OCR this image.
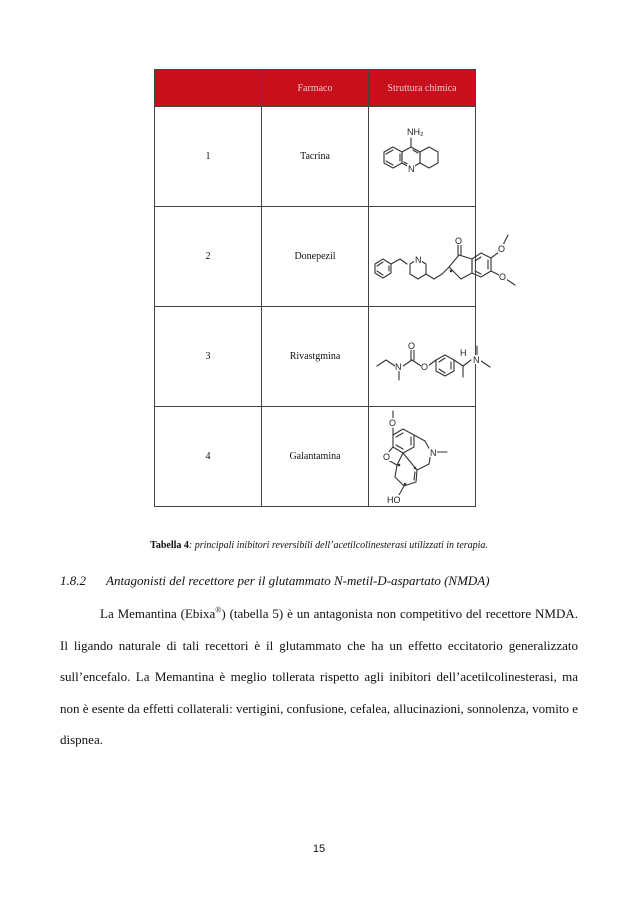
	Farmaco	Struttura chimica
1	Tacrina	NH₂
N

2	Donepezil	N
O
O
O

3	Rivastgmina	N
O
O
H
N

4	Galantamina	O
O N
HO
Tabella 4: principali inibitori reversibili dell’acetilcolinesterasi utilizzati in terapia.
1.8.2 Antagonisti del recettore per il glutammato N-metil-D-aspartato (NMDA)

La Memantina (Ebixa®) (tabella 5) è un antagonista non competitivo del recettore NMDA. Il ligando naturale di tali recettori è il glutammato che ha un effetto eccitatorio generalizzato sull’encefalo. La Memantina è meglio tollerata rispetto agli inibitori dell’acetilcolinesterasi, ma non è esente da effetti collaterali: vertigini, confusione, cefalea, allucinazioni, sonnolenza, vomito e dispnea.

15
